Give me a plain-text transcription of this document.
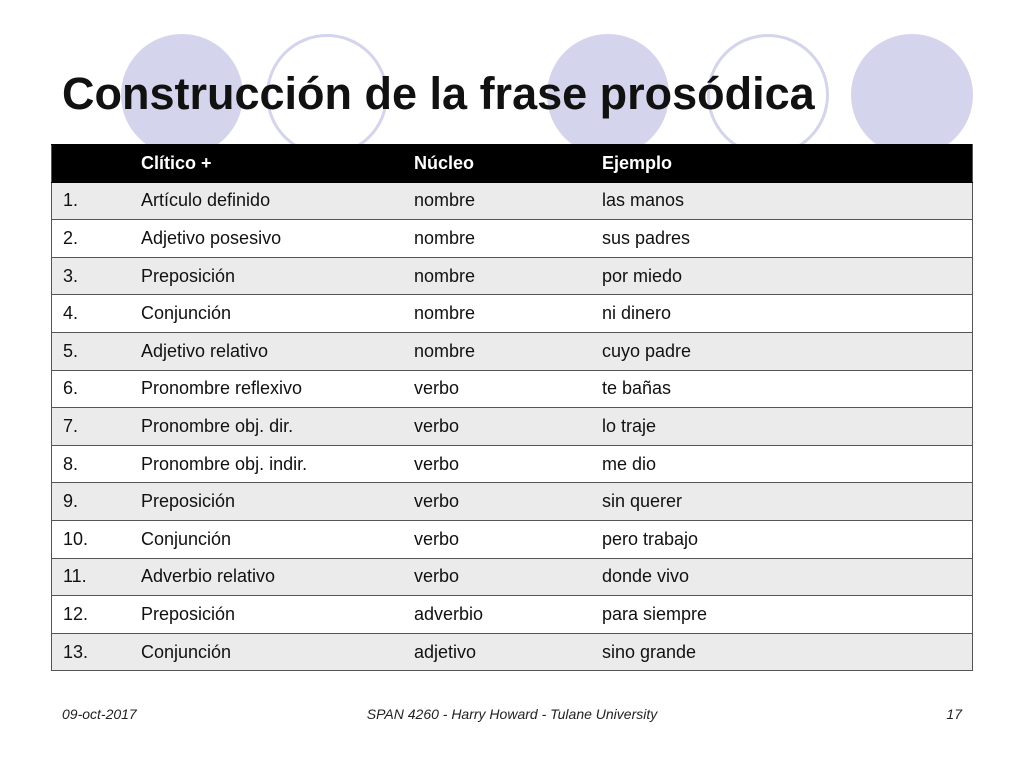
Construcción de la frase prosódica
	Clítico +	Núcleo	Ejemplo
1.	Artículo definido	nombre	las manos
2.	Adjetivo posesivo	nombre	sus padres
3.	Preposición	nombre	por miedo
4.	Conjunción	nombre	ni dinero
5.	Adjetivo relativo	nombre	cuyo padre
6.	Pronombre reflexivo	verbo	te bañas
7.	Pronombre obj. dir.	verbo	lo traje
8.	Pronombre obj. indir.	verbo	me dio
9.	Preposición	verbo	sin querer
10.	Conjunción	verbo	pero trabajo
11.	Adverbio relativo	verbo	donde vivo
12.	Preposición	adverbio	para siempre
13.	Conjunción	adjetivo	sino grande
09-oct-2017	SPAN 4260 - Harry Howard - Tulane University	17
